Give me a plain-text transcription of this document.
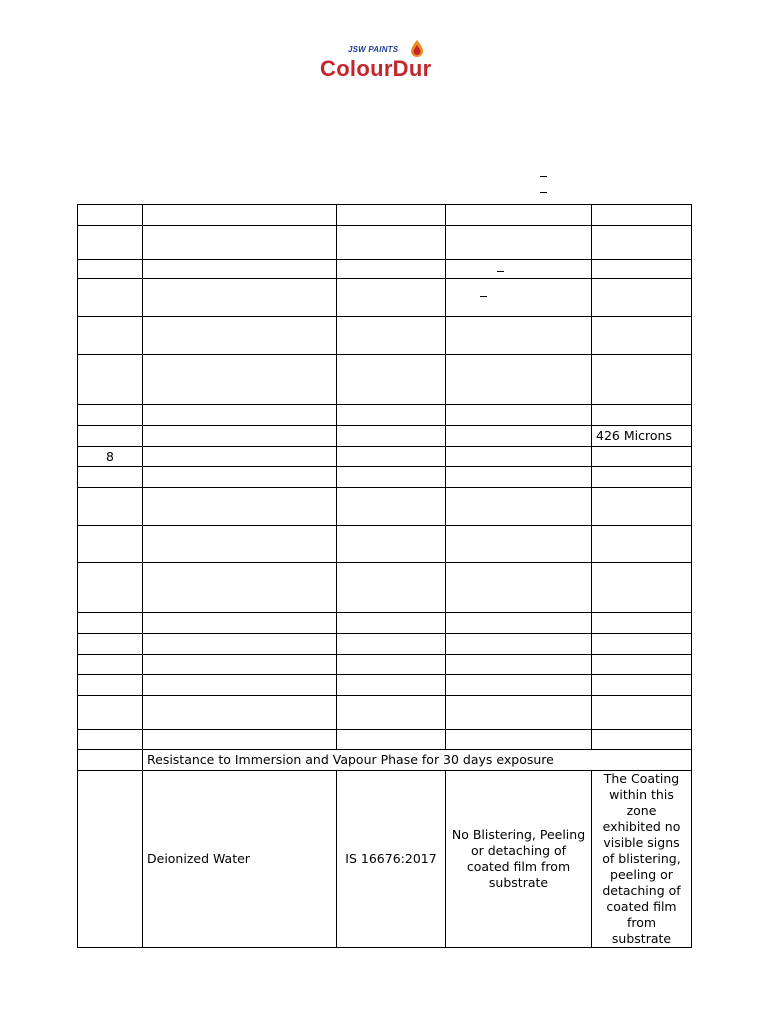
JSW PAINTS
ColourDur

				426 Microns
8				

	Resistance to Immersion and Vapour Phase for 30 days exposure			
	Deionized Water	IS 16676:2017	No Blistering, Peeling or detaching of coated film from substrate	The Coating within this zone exhibited no visible signs of blistering, peeling or detaching of coated film from substrate
